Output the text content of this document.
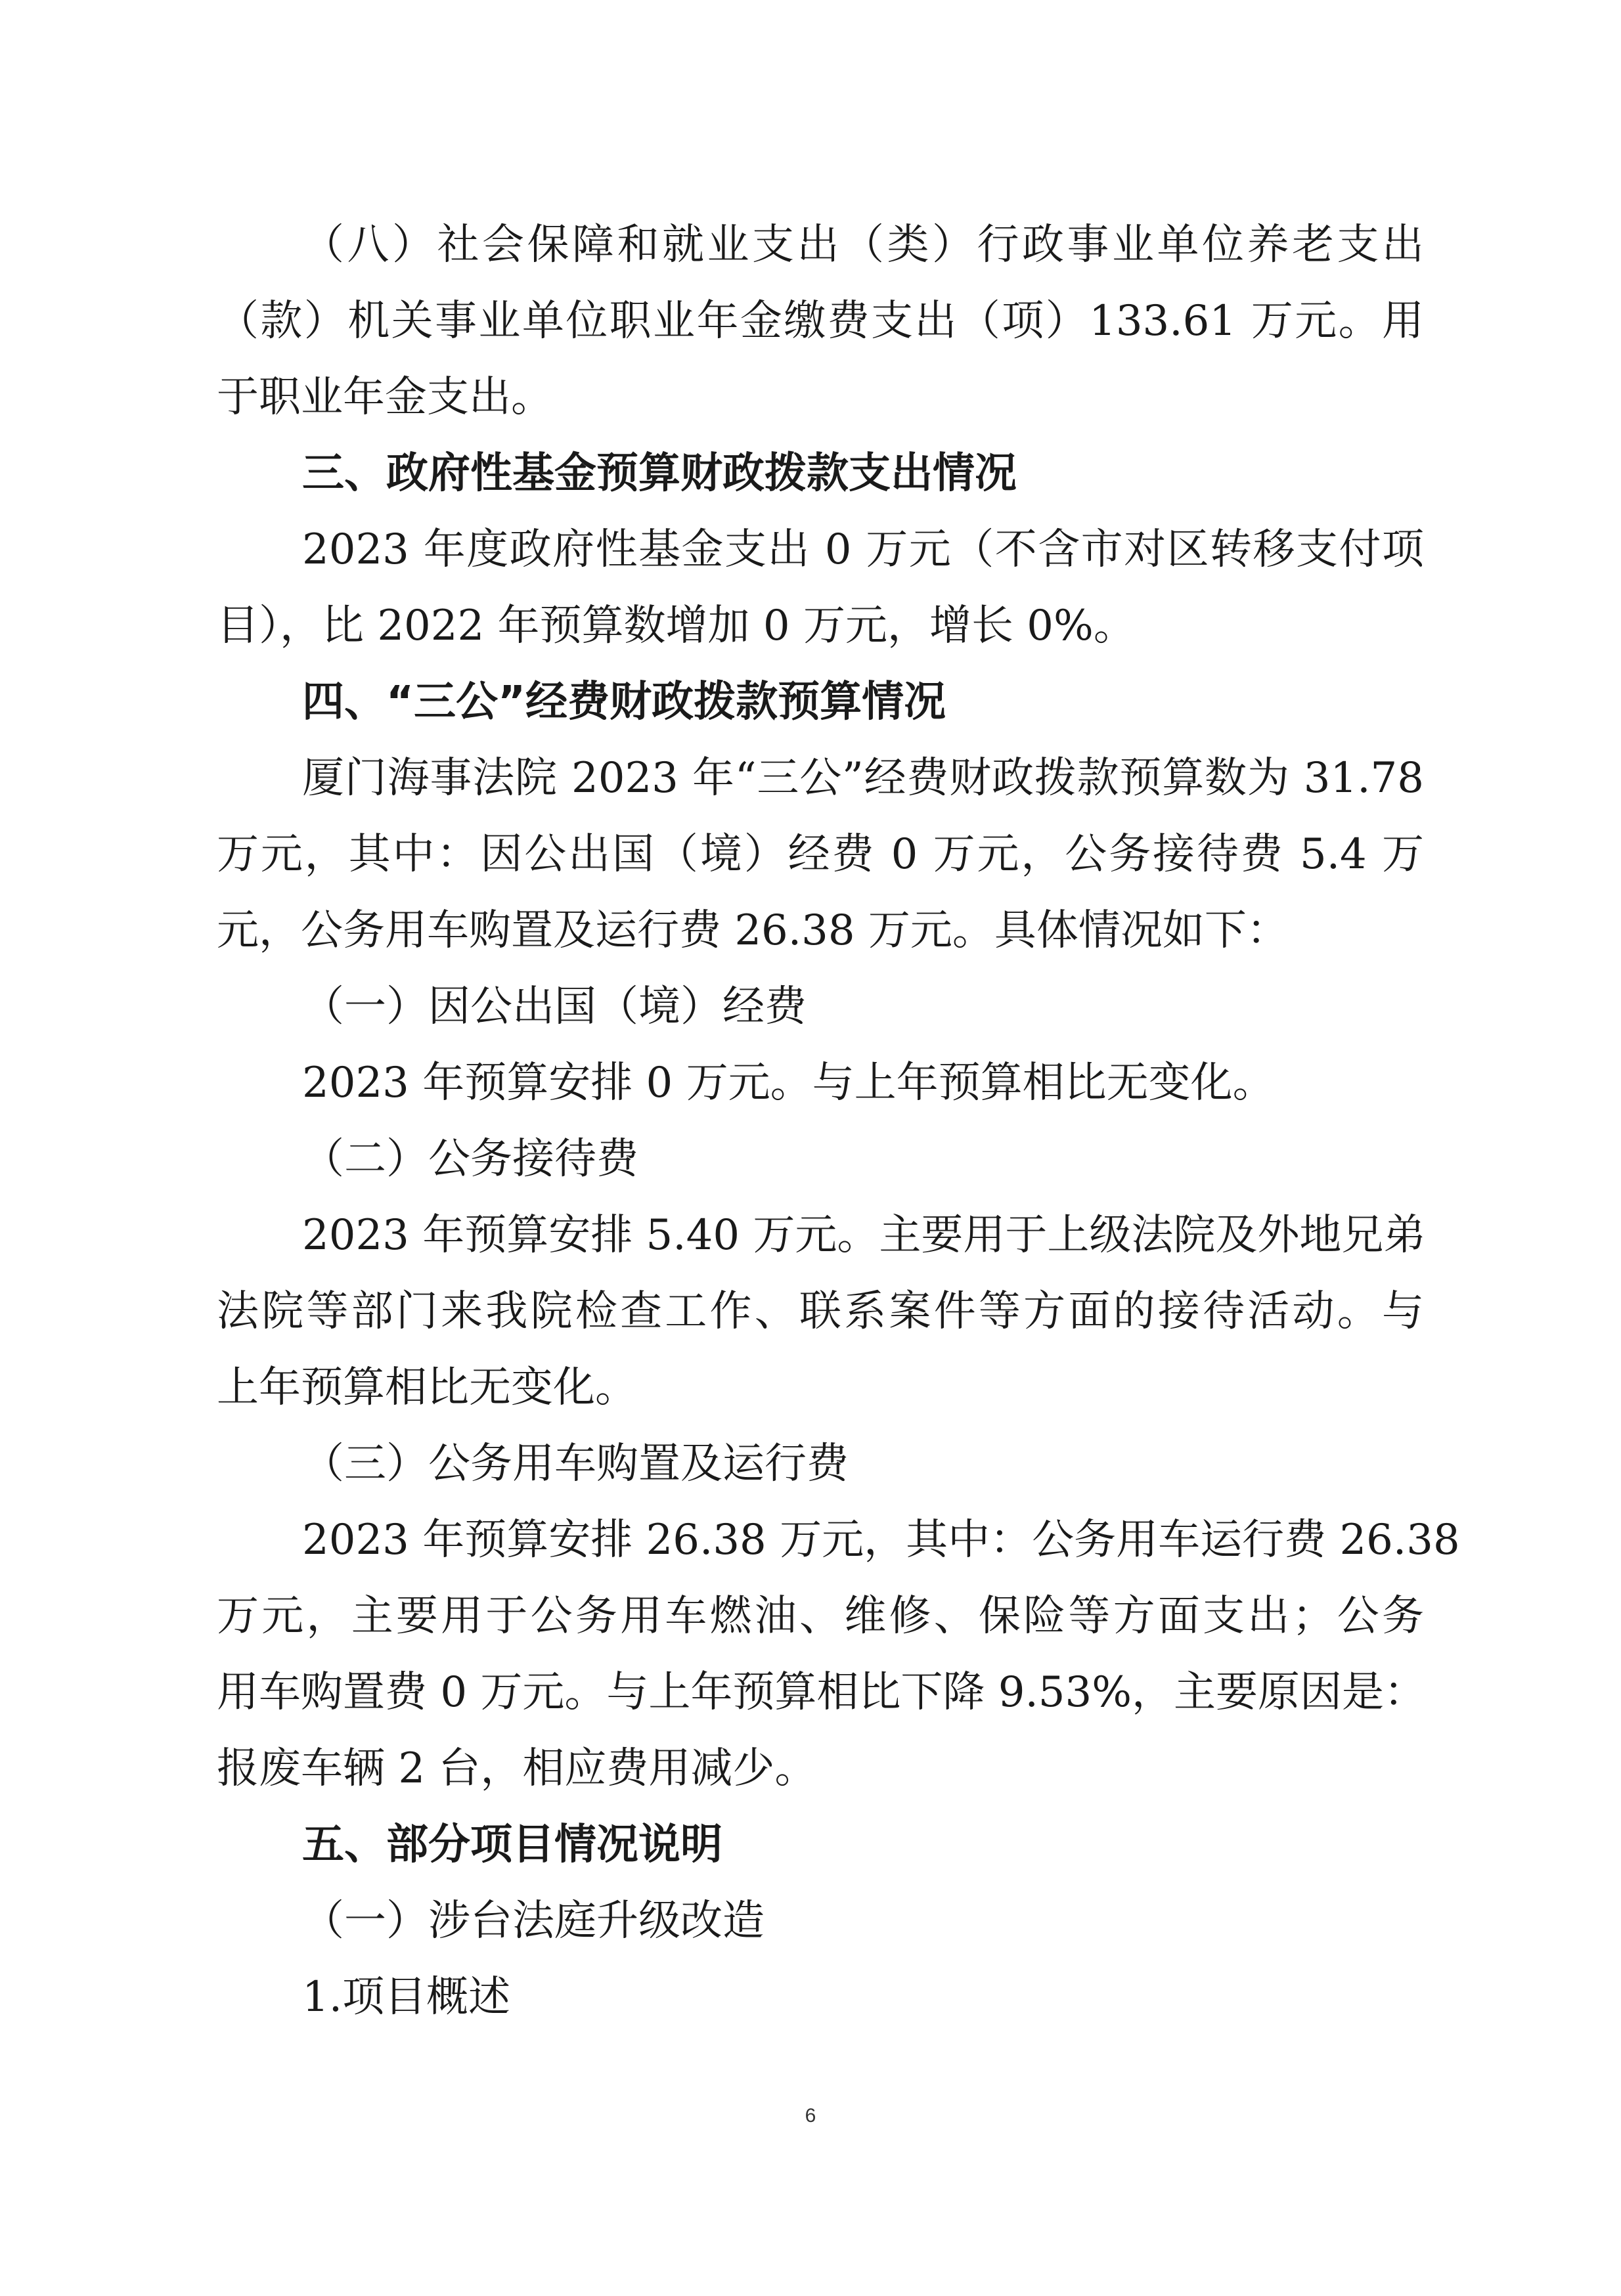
（八）社会保障和就业支出（类）行政事业单位养老支出
（款）机关事业单位职业年金缴费支出（项）133.61 万元。用
于职业年金支出。
三、政府性基金预算财政拨款支出情况
2023 年度政府性基金支出 0 万元（不含市对区转移支付项
目），比 2022 年预算数增加 0 万元，增长 0%。
四、“三公”经费财政拨款预算情况
厦门海事法院 2023 年“三公”经费财政拨款预算数为 31.78
万元，其中：因公出国（境）经费 0 万元，公务接待费 5.4 万
元，公务用车购置及运行费 26.38 万元。具体情况如下：
（一）因公出国（境）经费
2023 年预算安排 0 万元。与上年预算相比无变化。
（二）公务接待费
2023 年预算安排 5.40 万元。主要用于上级法院及外地兄弟
法院等部门来我院检查工作、联系案件等方面的接待活动。与
上年预算相比无变化。
（三）公务用车购置及运行费
2023 年预算安排 26.38 万元，其中：公务用车运行费 26.38
万元，主要用于公务用车燃油、维修、保险等方面支出；公务
用车购置费 0 万元。与上年预算相比下降 9.53%，主要原因是：
报废车辆 2 台，相应费用减少。
五、部分项目情况说明
（一）涉台法庭升级改造
1.项目概述
6
